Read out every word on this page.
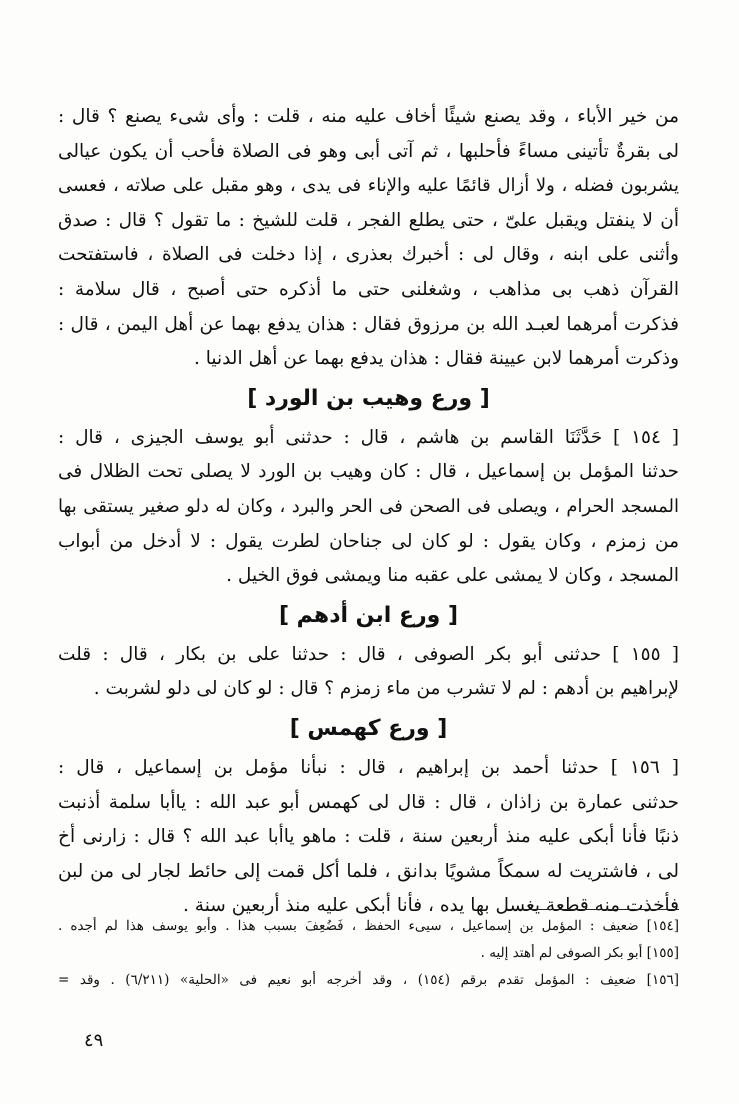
من خير الأباء ، وقد يصنع شيئًا أخاف عليه منه ، قلت : وأى شىء يصنع ؟ قال :
لى بقرةٌ تأتينى مساءً فأحلبها ، ثم آتى أبى وهو فى الصلاة فأحب أن يكون عيالى
يشربون فضله ، ولا أزال قائمًا عليه والإناء فى يدى ، وهو مقبل على صلاته ، فعسى
أن لا ينفتل ويقبل علىّ ، حتى يطلع الفجر ، قلت للشيخ : ما تقول ؟ قال : صدق
وأثنى على ابنه ، وقال لى : أخبرك بعذرى ، إذا دخلت فى الصلاة ، فاستفتحت
القرآن ذهب بى مذاهب ، وشغلنى حتى ما أذكره حتى أصبح ، قال سلامة :
فذكرت أمرهما لعبـد الله بن مرزوق فقال : هذان يدفع بهما عن أهل اليمن ، قال :
وذكرت أمرهما لابن عيينة فقال : هذان يدفع بهما عن أهل الدنيا .
[ ورع وهيب بن الورد ]
[ ١٥٤ ] حَدَّثَنَا القاسم بن هاشم ، قال : حدثنى أبو يوسف الجيزى ، قال :
حدثنا المؤمل بن إسماعيل ، قال : كان وهيب بن الورد لا يصلى تحت الظلال فى
المسجد الحرام ، ويصلى فى الصحن فى الحر والبرد ، وكان له دلو صغير يستقى بها
من زمزم ، وكان يقول : لو كان لى جناحان لطرت يقول : لا أدخل من أبواب
المسجد ، وكان لا يمشى على عقبه منا ويمشى فوق الخيل .
[ ورع ابن أدهم ]
[ ١٥٥ ] حدثنى أبو بكر الصوفى ، قال : حدثنا على بن بكار ، قال : قلت
لإبراهيم بن أدهم : لم لا تشرب من ماء زمزم ؟ قال : لو كان لى دلو لشربت .
[ ورع كهمس ]
[ ١٥٦ ] حدثنا أحمد بن إبراهيم ، قال : نبأنا مؤمل بن إسماعيل ، قال :
حدثنى عمارة بن زاذان ، قال : قال لى كهمس أبو عبد الله : ياأبا سلمة أذنبت
ذنبًا فأنا أبكى عليه منذ أربعين سنة ، قلت : ماهو ياأبا عبد الله ؟ قال : زارنى أخ
لى ، فاشتريت له سمكاً مشويًا بدانق ، فلما أكل قمت إلى حائط لجار لى من لبن
فأخذت منه قطعة يغسل بها يده ، فأنا أبكى عليه منذ أربعين سنة .
[١٥٤] ضعيف : المؤمل بن إسماعيل ، سيىء الحفظ ، فَضُعِفَ بسبب هذا . وأبو يوسف هذا لم أجده .
[١٥٥] أبو بكر الصوفى لم أهتد إليه .
[١٥٦] ضعيف : المؤمل تقدم برقم (١٥٤) ، وقد أخرجه أبو نعيم فى «الحلية» (٦/٢١١) . وقد =
٤٩
